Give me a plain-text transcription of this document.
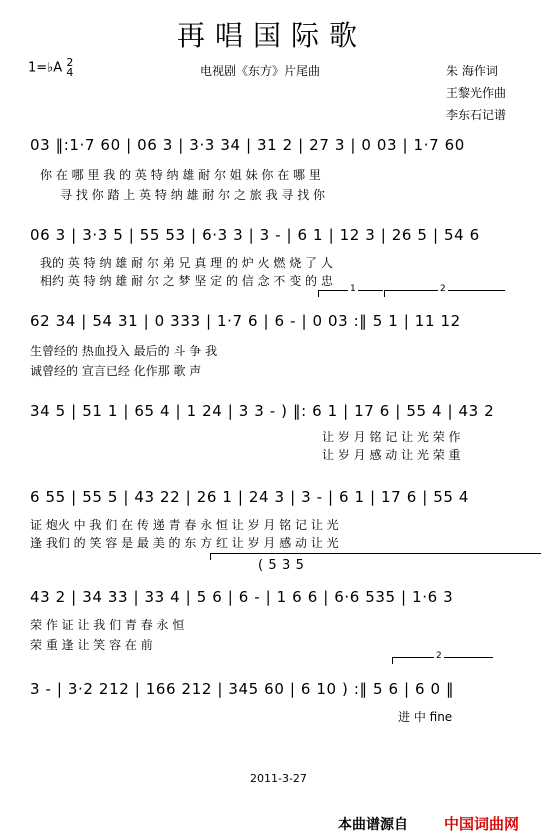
再唱国际歌
1=♭A 2
4	电视剧《东方》片尾曲	朱 海作词
王黎光作曲
李东石记谱
03 ‖:1·7 60 | 06 3 | 3·3 34 | 31 2 | 27 3 | 0 03 | 1·7 60
你 在 哪 里 我 的 英 特 纳 雄 耐 尔 姐 妹 你 在 哪 里
寻 找 你 踏 上 英 特 纳 雄 耐 尔 之 旅 我 寻 找 你
06 3 | 3·3 5 | 55 53 | 6·3 3 | 3 - | 6 1 | 12 3 | 26 5 | 54 6
我的 英 特 纳 雄 耐 尔 弟 兄 真 理 的 炉 火 燃 烧 了 人
相约 英 特 纳 雄 耐 尔 之 梦 坚 定 的 信 念 不 变 的 忠
1	2
62 34 | 54 31 | 0 333 | 1·7 6 | 6 - | 0 03 :‖ 5 1 | 11 12
生曾经的 热血投入 最后的 斗 争 我
诚曾经的 宣言已经 化作那 歌 声
34 5 | 51 1 | 65 4 | 1 24 | 3 3 - ) ‖: 6 1 | 17 6 | 55 4 | 43 2
让 岁 月 铭 记 让 光 荣 作
让 岁 月 感 动 让 光 荣 重
6 55 | 55 5 | 43 22 | 26 1 | 24 3 | 3 - | 6 1 | 17 6 | 55 4
证 炮火 中 我 们 在 传 递 青 春 永 恒 让 岁 月 铭 记 让 光
逢 我们 的 笑 容 是 最 美 的 东 方 红 让 岁 月 感 动 让 光
( 5 3 5
43 2 | 34 33 | 33 4 | 5 6 | 6 - | 1 6 6 | 6·6 535 | 1·6 3
荣 作 证 让 我 们 青 春 永 恒
荣 重 逢 让 笑 容 在 前
2
3 - | 3·2 212 | 166 212 | 345 60 | 6 10 ) :‖ 5 6 | 6 0 ‖
进 中 fine
2011-3-27
本曲谱源自 中国词曲网
